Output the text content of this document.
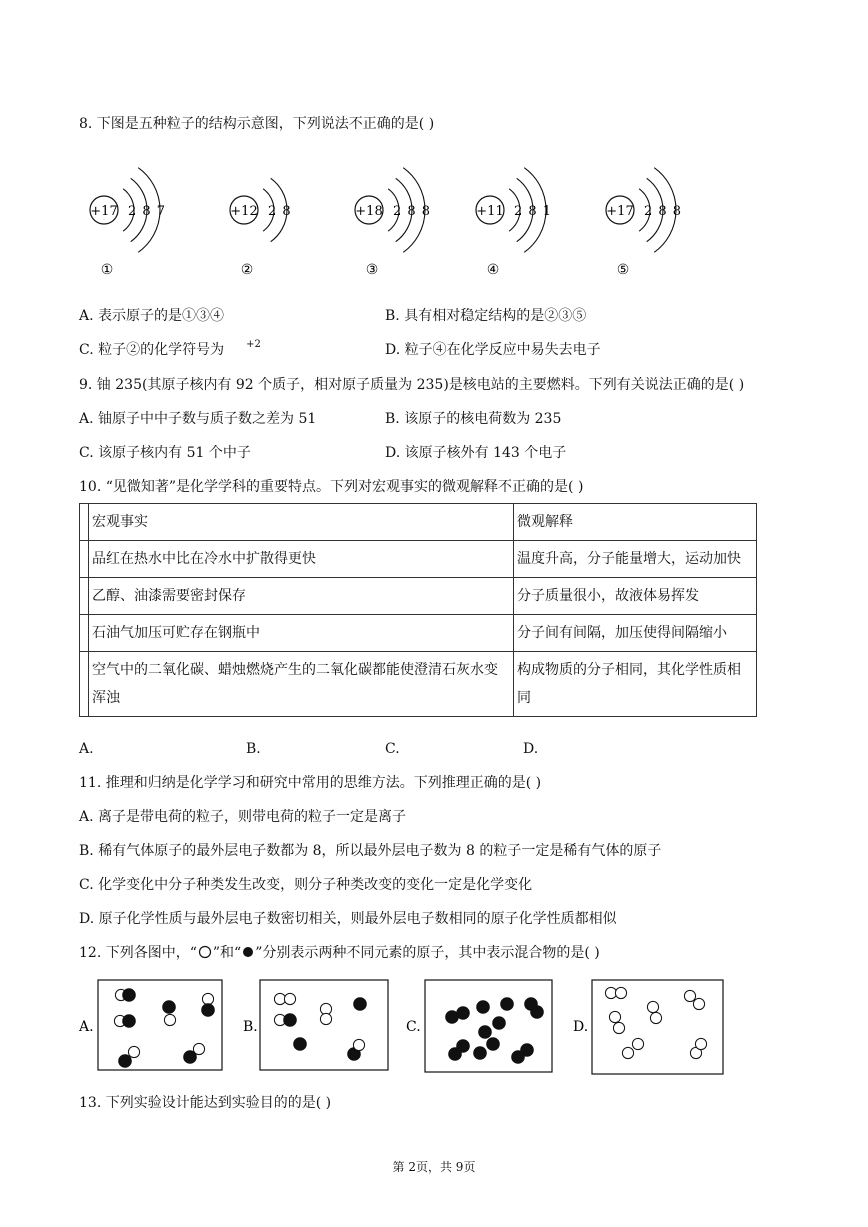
8. 下图是五种粒子的结构示意图，下列说法不正确的是( )
+17 2 8 7
①
+12 2 8
②
+18 2 8 8
③
+11 2 8 1
④
+17 2 8 8
⑤
A. 表示原子的是①③④	B. 具有相对稳定结构的是②③⑤
C. 粒子②的化学符号为 $^{+2}$	D. 粒子④在化学反应中易失去电子
9. 铀 235(其原子核内有 92 个质子，相对原子质量为 235)是核电站的主要燃料。下列有关说法正确的是( )
A. 铀原子中中子数与质子数之差为 51	B. 该原子的核电荷数为 235
C. 该原子核内有 51 个中子	D. 该原子核外有 143 个电子
10. “见微知著”是化学学科的重要特点。下列对宏观事实的微观解释不正确的是( )
	宏观事实	微观解释
	品红在热水中比在冷水中扩散得更快	温度升高，分子能量增大，运动加快
	乙醇、油漆需要密封保存	分子质量很小，故液体易挥发
	石油气加压可贮存在钢瓶中	分子间有间隔，加压使得间隔缩小
	空气中的二氧化碳、蜡烛燃烧产生的二氧化碳都能使澄清石灰水变浑浊	构成物质的分子相同，其化学性质相同
A.	B.	C.	D.
11. 推理和归纳是化学学习和研究中常用的思维方法。下列推理正确的是( )
A. 离子是带电荷的粒子，则带电荷的粒子一定是离子
B. 稀有气体原子的最外层电子数都为 8，所以最外层电子数为 8 的粒子一定是稀有气体的原子
C. 化学变化中分子种类发生改变，则分子种类改变的变化一定是化学变化
D. 原子化学性质与最外层电子数密切相关，则最外层电子数相同的原子化学性质都相似
12. 下列各图中，“ ”和“ ”分别表示两种不同元素的原子，其中表示混合物的是( )
A.	B.	C.	D.
13. 下列实验设计能达到实验目的的是( )
第 2页，共 9页
